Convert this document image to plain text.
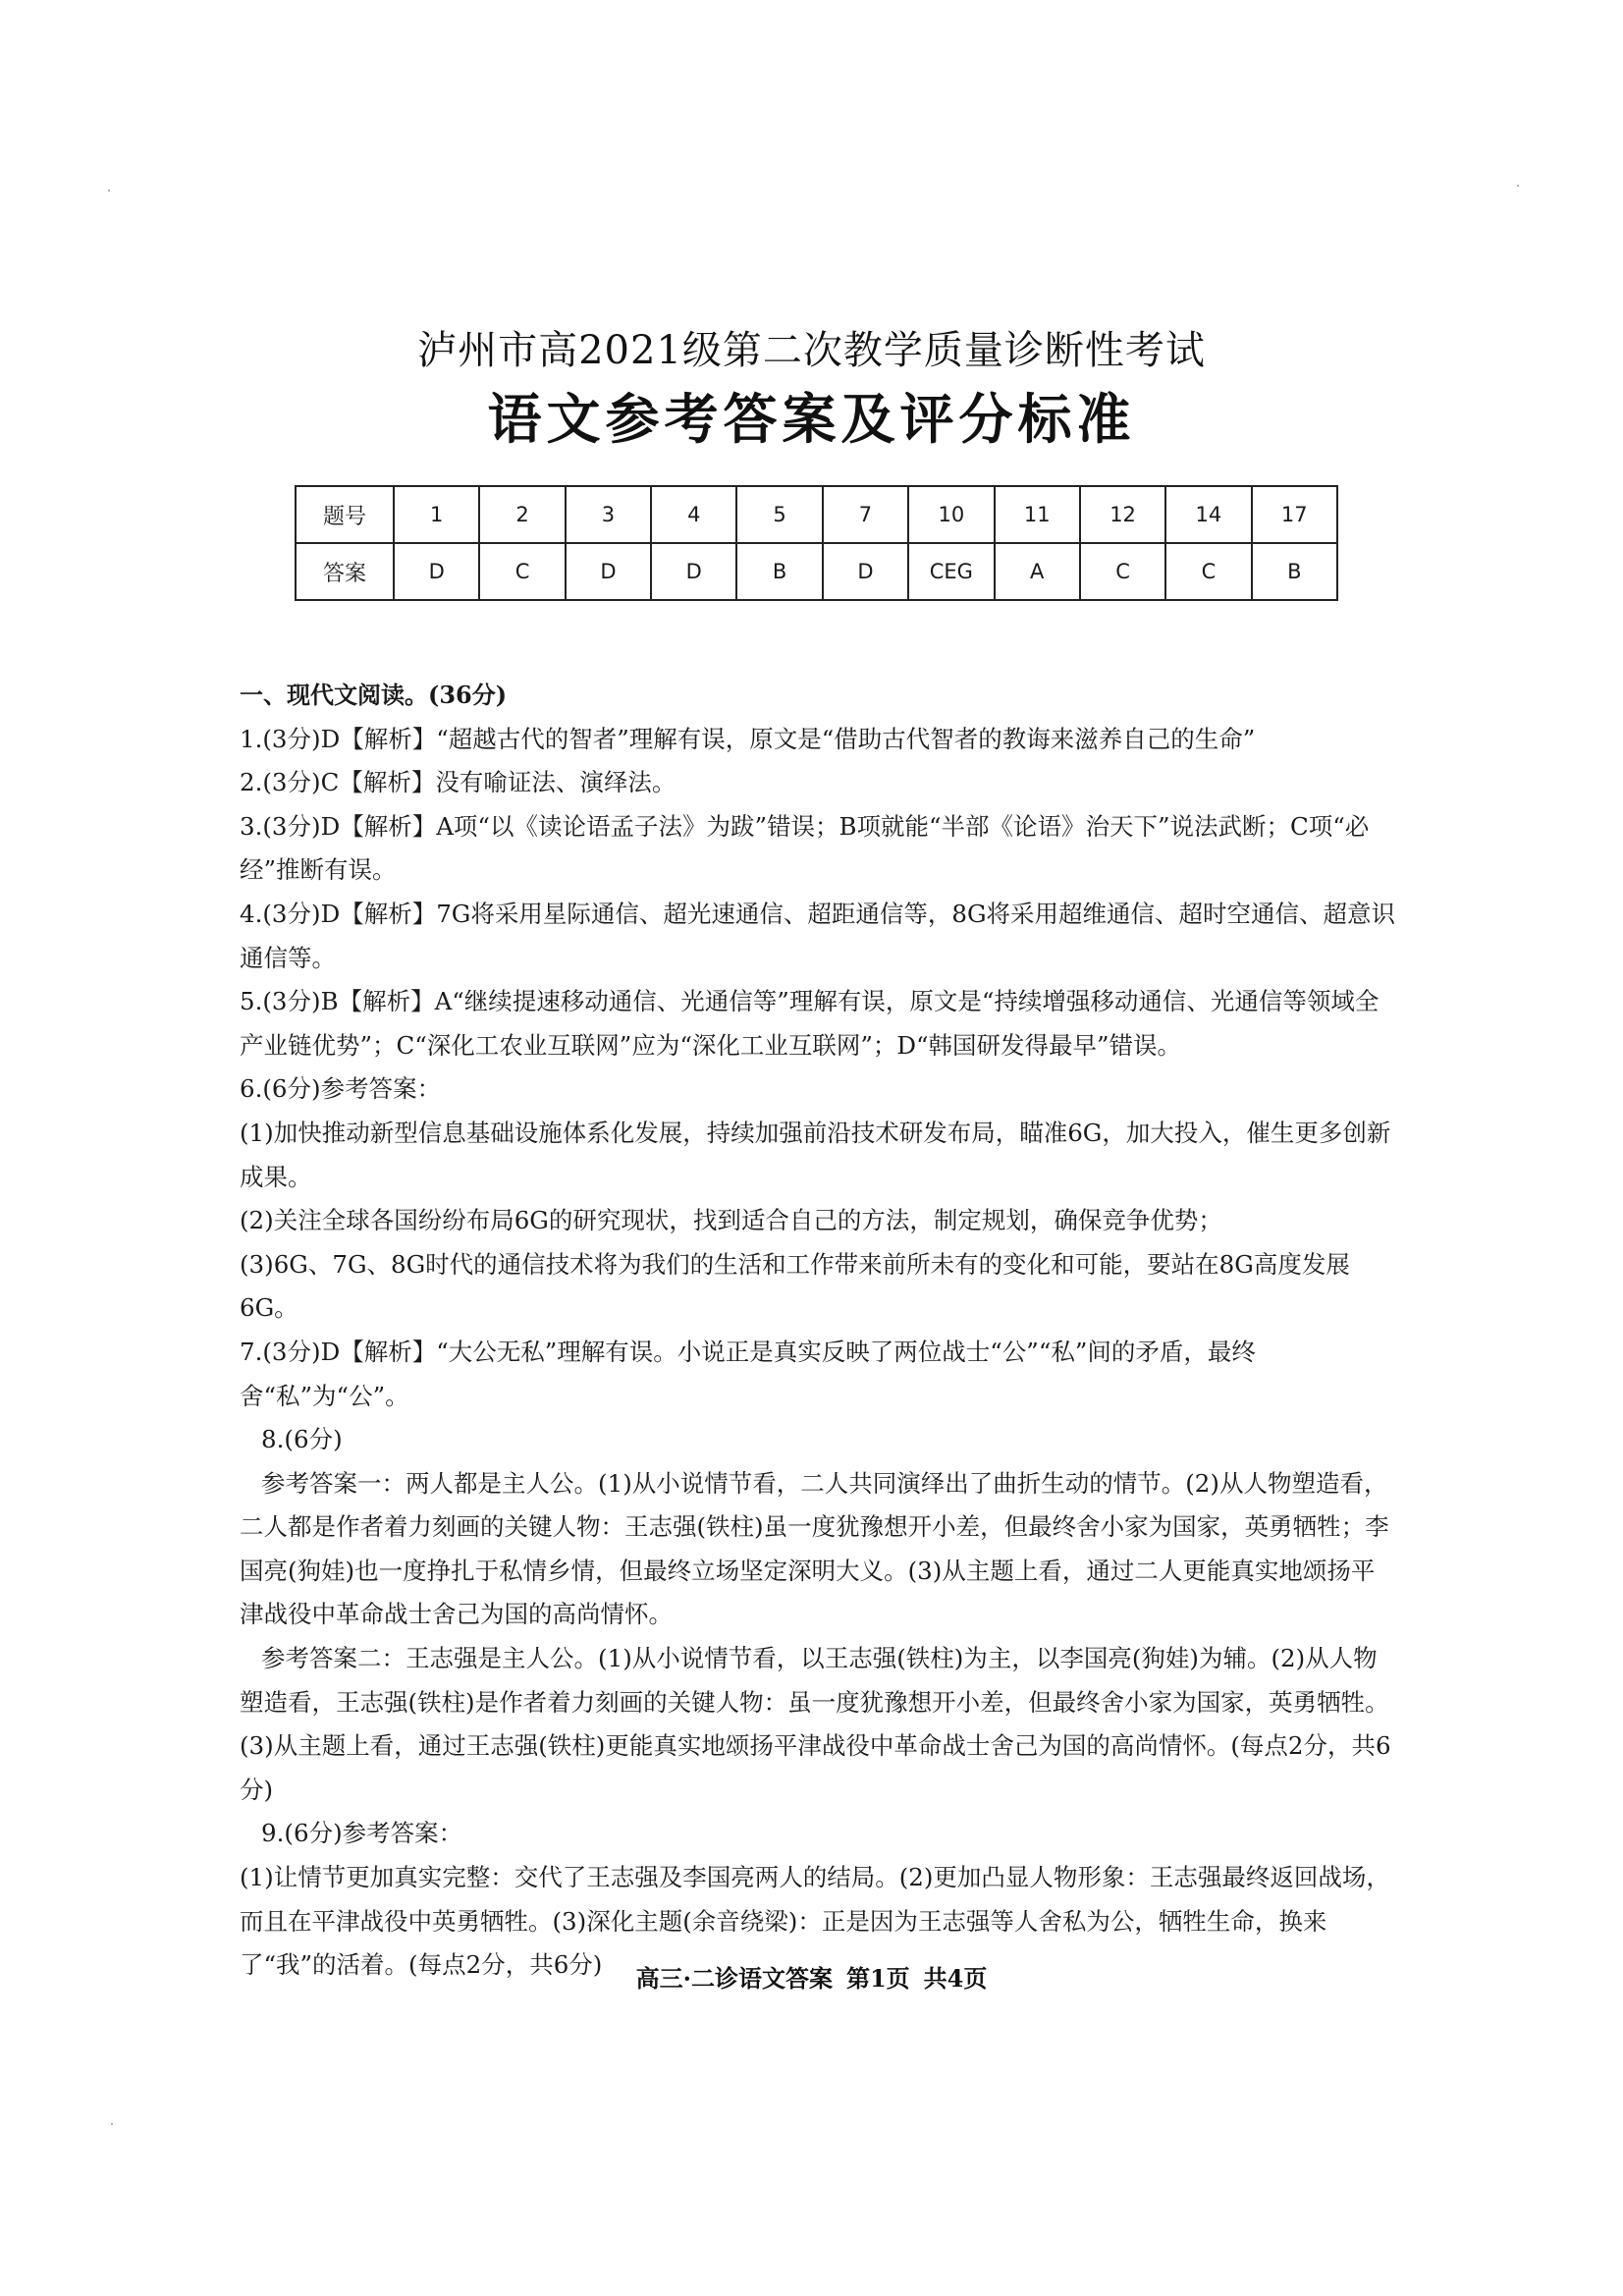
泸州市高2021级第二次教学质量诊断性考试
语文参考答案及评分标准
题号	1	2	3	4	5	7	10	11	12	14	17
答案	D	C	D	D	B	D	CEG	A	C	C	B

一、现代文阅读。(36分)

1.(3分)D【解析】“超越古代的智者”理解有误，原文是“借助古代智者的教诲来滋养自己的生命”

2.(3分)C【解析】没有喻证法、演绎法。

3.(3分)D【解析】A项“以《读论语孟子法》为跋”错误；B项就能“半部《论语》治天下”说法武断；C项“必经”推断有误。

4.(3分)D【解析】7G将采用星际通信、超光速通信、超距通信等，8G将采用超维通信、超时空通信、超意识通信等。

5.(3分)B【解析】A“继续提速移动通信、光通信等”理解有误，原文是“持续增强移动通信、光通信等领域全产业链优势”；C“深化工农业互联网”应为“深化工业互联网”；D“韩国研发得最早”错误。

6.(6分)参考答案：

(1)加快推动新型信息基础设施体系化发展，持续加强前沿技术研发布局，瞄准6G，加大投入，催生更多创新成果。

(2)关注全球各国纷纷布局6G的研究现状，找到适合自己的方法，制定规划，确保竞争优势；

(3)6G、7G、8G时代的通信技术将为我们的生活和工作带来前所未有的变化和可能，要站在8G高度发展6G。

7.(3分)D【解析】“大公无私”理解有误。小说正是真实反映了两位战士“公”“私”间的矛盾，最终舍“私”为“公”。

8.(6分)

参考答案一：两人都是主人公。(1)从小说情节看，二人共同演绎出了曲折生动的情节。(2)从人物塑造看，二人都是作者着力刻画的关键人物：王志强(铁柱)虽一度犹豫想开小差，但最终舍小家为国家，英勇牺牲；李国亮(狗娃)也一度挣扎于私情乡情，但最终立场坚定深明大义。(3)从主题上看，通过二人更能真实地颂扬平津战役中革命战士舍己为国的高尚情怀。

参考答案二：王志强是主人公。(1)从小说情节看，以王志强(铁柱)为主，以李国亮(狗娃)为辅。(2)从人物塑造看，王志强(铁柱)是作者着力刻画的关键人物：虽一度犹豫想开小差，但最终舍小家为国家，英勇牺牲。(3)从主题上看，通过王志强(铁柱)更能真实地颂扬平津战役中革命战士舍己为国的高尚情怀。(每点2分，共6分)

9.(6分)参考答案：

(1)让情节更加真实完整：交代了王志强及李国亮两人的结局。(2)更加凸显人物形象：王志强最终返回战场，而且在平津战役中英勇牺牲。(3)深化主题(余音绕梁)：正是因为王志强等人舍私为公，牺牲生命，换来了“我”的活着。(每点2分，共6分)	高三·二诊语文答案 第1页 共4页
